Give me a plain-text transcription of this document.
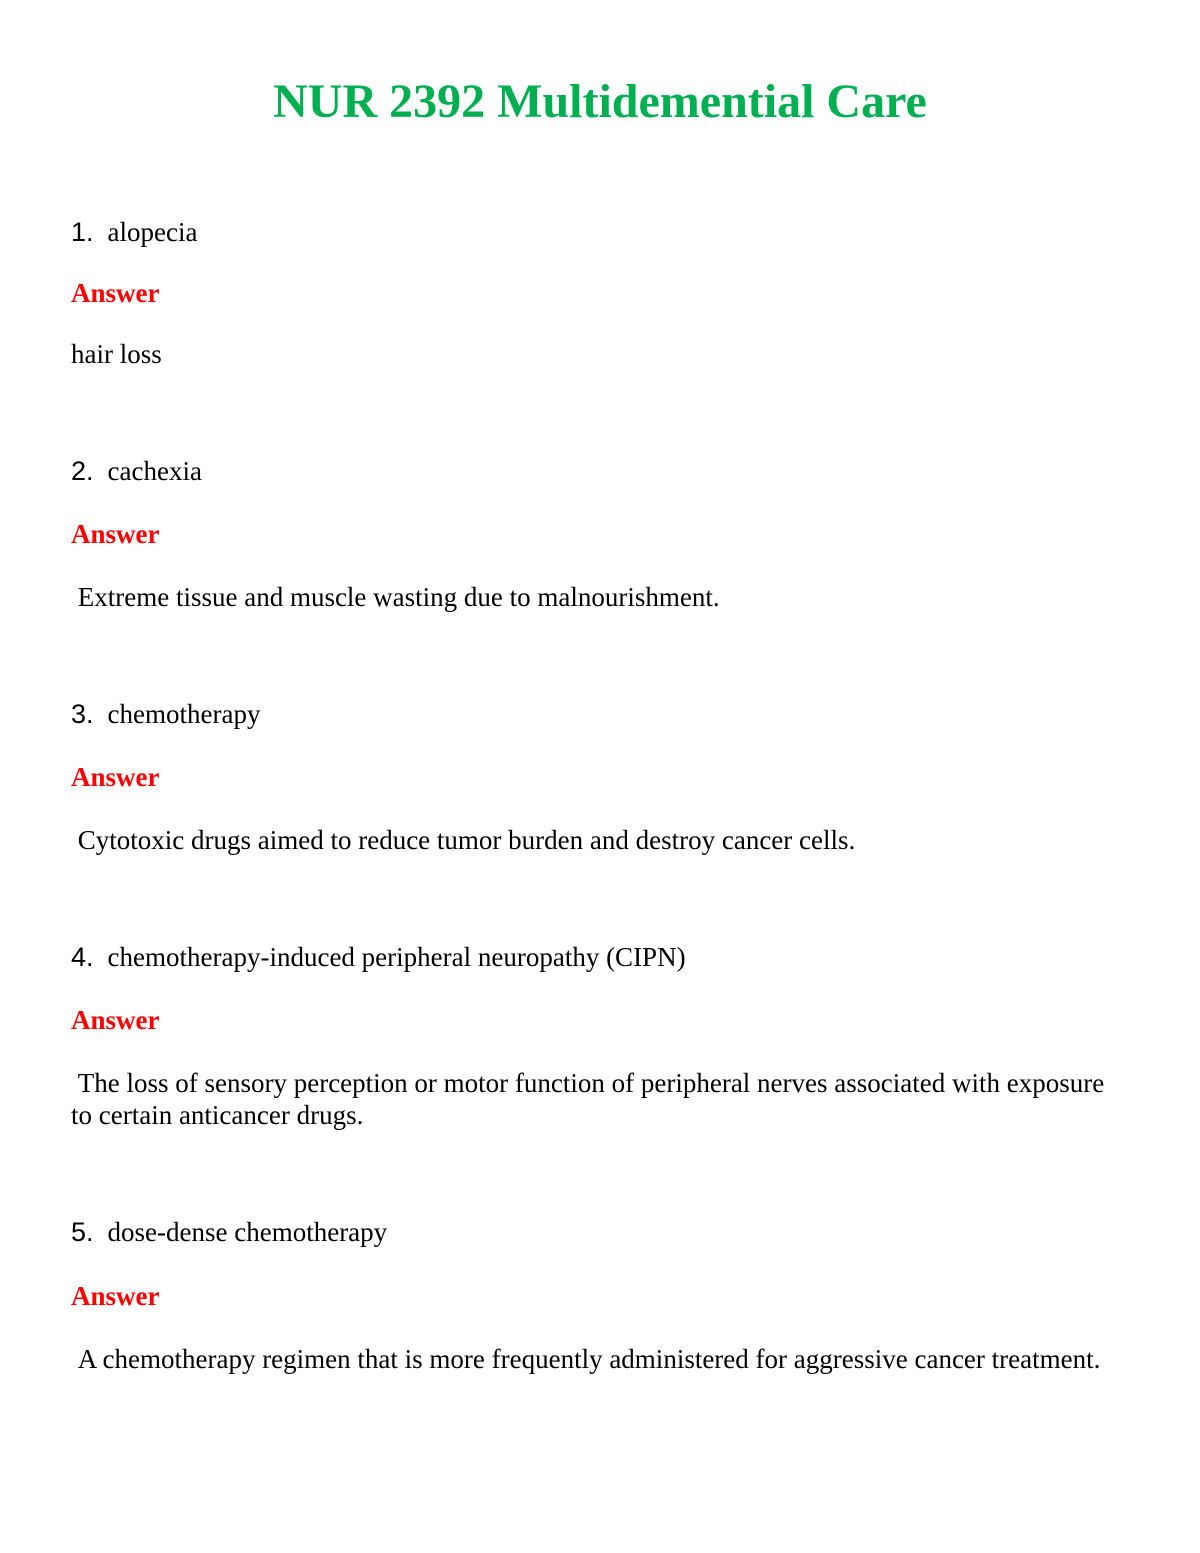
NUR 2392 Multidemential Care
1. alopecia
Answer
hair loss
2. cachexia
Answer
Extreme tissue and muscle wasting due to malnourishment.
3. chemotherapy
Answer
Cytotoxic drugs aimed to reduce tumor burden and destroy cancer cells.
4. chemotherapy-induced peripheral neuropathy (CIPN)
Answer
The loss of sensory perception or motor function of peripheral nerves associated with exposure to certain anticancer drugs.
5. dose-dense chemotherapy
Answer
A chemotherapy regimen that is more frequently administered for aggressive cancer treatment.
